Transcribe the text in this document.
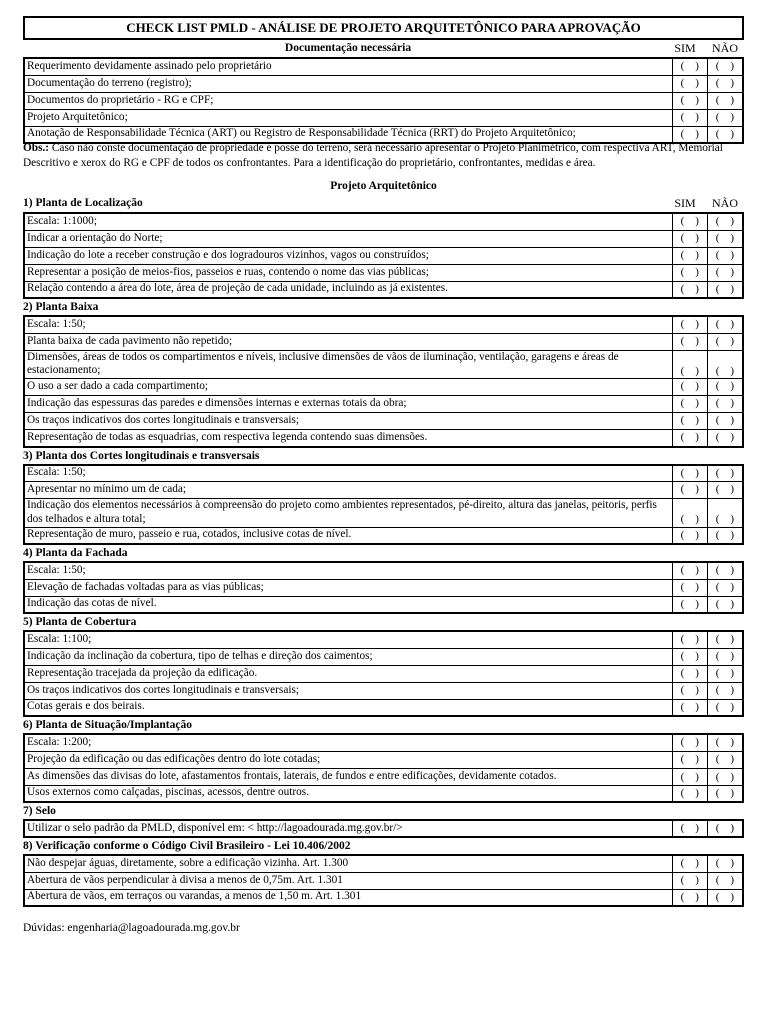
CHECK LIST PMLD - ANÁLISE DE PROJETO ARQUITETÔNICO PARA APROVAÇÃO
Documentação necessária	SIM	NÃO
Requerimento devidamente assinado pelo proprietário	(    )	(    )
Documentação do terreno (registro);	(    )	(    )
Documentos do proprietário - RG e CPF;	(    )	(    )
Projeto Arquitetônico;	(    )	(    )
Anotação de Responsabilidade Técnica (ART) ou Registro de Responsabilidade Técnica (RRT) do Projeto Arquitetônico;	(    )	(    )
Obs.: Caso não conste documentação de propriedade e posse do terreno, será necessário apresentar o Projeto Planimétrico, com respectiva ART, Memorial Descritivo e xerox do RG e CPF de todos os confrontantes. Para a identificação do proprietário, confrontantes, medidas e área.
Projeto Arquitetônico
1) Planta de Localização	SIM	NÃO
Escala: 1:1000;	(    )	(    )
Indicar a orientação do Norte;	(    )	(    )
Indicação do lote a receber construção e dos logradouros vizinhos, vagos ou construídos;	(    )	(    )
Representar a posição de meios-fios, passeios e ruas, contendo o nome das vias públicas;	(    )	(    )
Relação contendo a área do lote, área de projeção de cada unidade, incluindo as já existentes.	(    )	(    )
2) Planta Baixa
Escala: 1:50;	(    )	(    )
Planta baixa de cada pavimento não repetido;	(    )	(    )
Dimensões, áreas de todos os compartimentos e níveis, inclusive dimensões de vãos de iluminação, ventilação, garagens e áreas de estacionamento;	(    )	(    )
O uso a ser dado a cada compartimento;	(    )	(    )
Indicação das espessuras das paredes e dimensões internas e externas totais da obra;	(    )	(    )
Os traços indicativos dos cortes longitudinais e transversais;	(    )	(    )
Representação de todas as esquadrias, com respectiva legenda contendo suas dimensões.	(    )	(    )
3) Planta dos Cortes longitudinais e transversais
Escala: 1:50;	(    )	(    )
Apresentar no mínimo um de cada;	(    )	(    )
Indicação dos elementos necessários à compreensão do projeto como ambientes representados, pé-direito, altura das janelas, peitoris, perfis dos telhados e altura total;	(    )	(    )
Representação de muro, passeio e rua, cotados, inclusive cotas de nível.	(    )	(    )
4) Planta da Fachada
Escala: 1:50;	(    )	(    )
Elevação de fachadas voltadas para as vias públicas;	(    )	(    )
Indicação das cotas de nível.	(    )	(    )
5) Planta de Cobertura
Escala: 1:100;	(    )	(    )
Indicação da inclinação da cobertura, tipo de telhas e direção dos caimentos;	(    )	(    )
Representação tracejada da projeção da edificação.	(    )	(    )
Os traços indicativos dos cortes longitudinais e transversais;	(    )	(    )
Cotas gerais e dos beirais.	(    )	(    )
6) Planta de Situação/Implantação
Escala: 1:200;	(    )	(    )
Projeção da edificação ou das edificações dentro do lote cotadas;	(    )	(    )
As dimensões das divisas do lote, afastamentos frontais, laterais, de fundos e entre edificações, devidamente cotados.	(    )	(    )
Usos externos como calçadas, piscinas, acessos, dentre outros.	(    )	(    )
7) Selo
Utilizar o selo padrão da PMLD, disponível em: < http://lagoadourada.mg.gov.br/>	(    )	(    )
8) Verificação conforme o Código Civil Brasileiro - Lei 10.406/2002
Não despejar águas, diretamente, sobre a edificação vizinha. Art. 1.300	(    )	(    )
Abertura de vãos perpendicular à divisa a menos de 0,75m. Art. 1.301	(    )	(    )
Abertura de vãos, em terraços ou varandas, a menos de 1,50 m. Art. 1.301	(    )	(    )
Dúvidas: engenharia@lagoadourada.mg.gov.br
